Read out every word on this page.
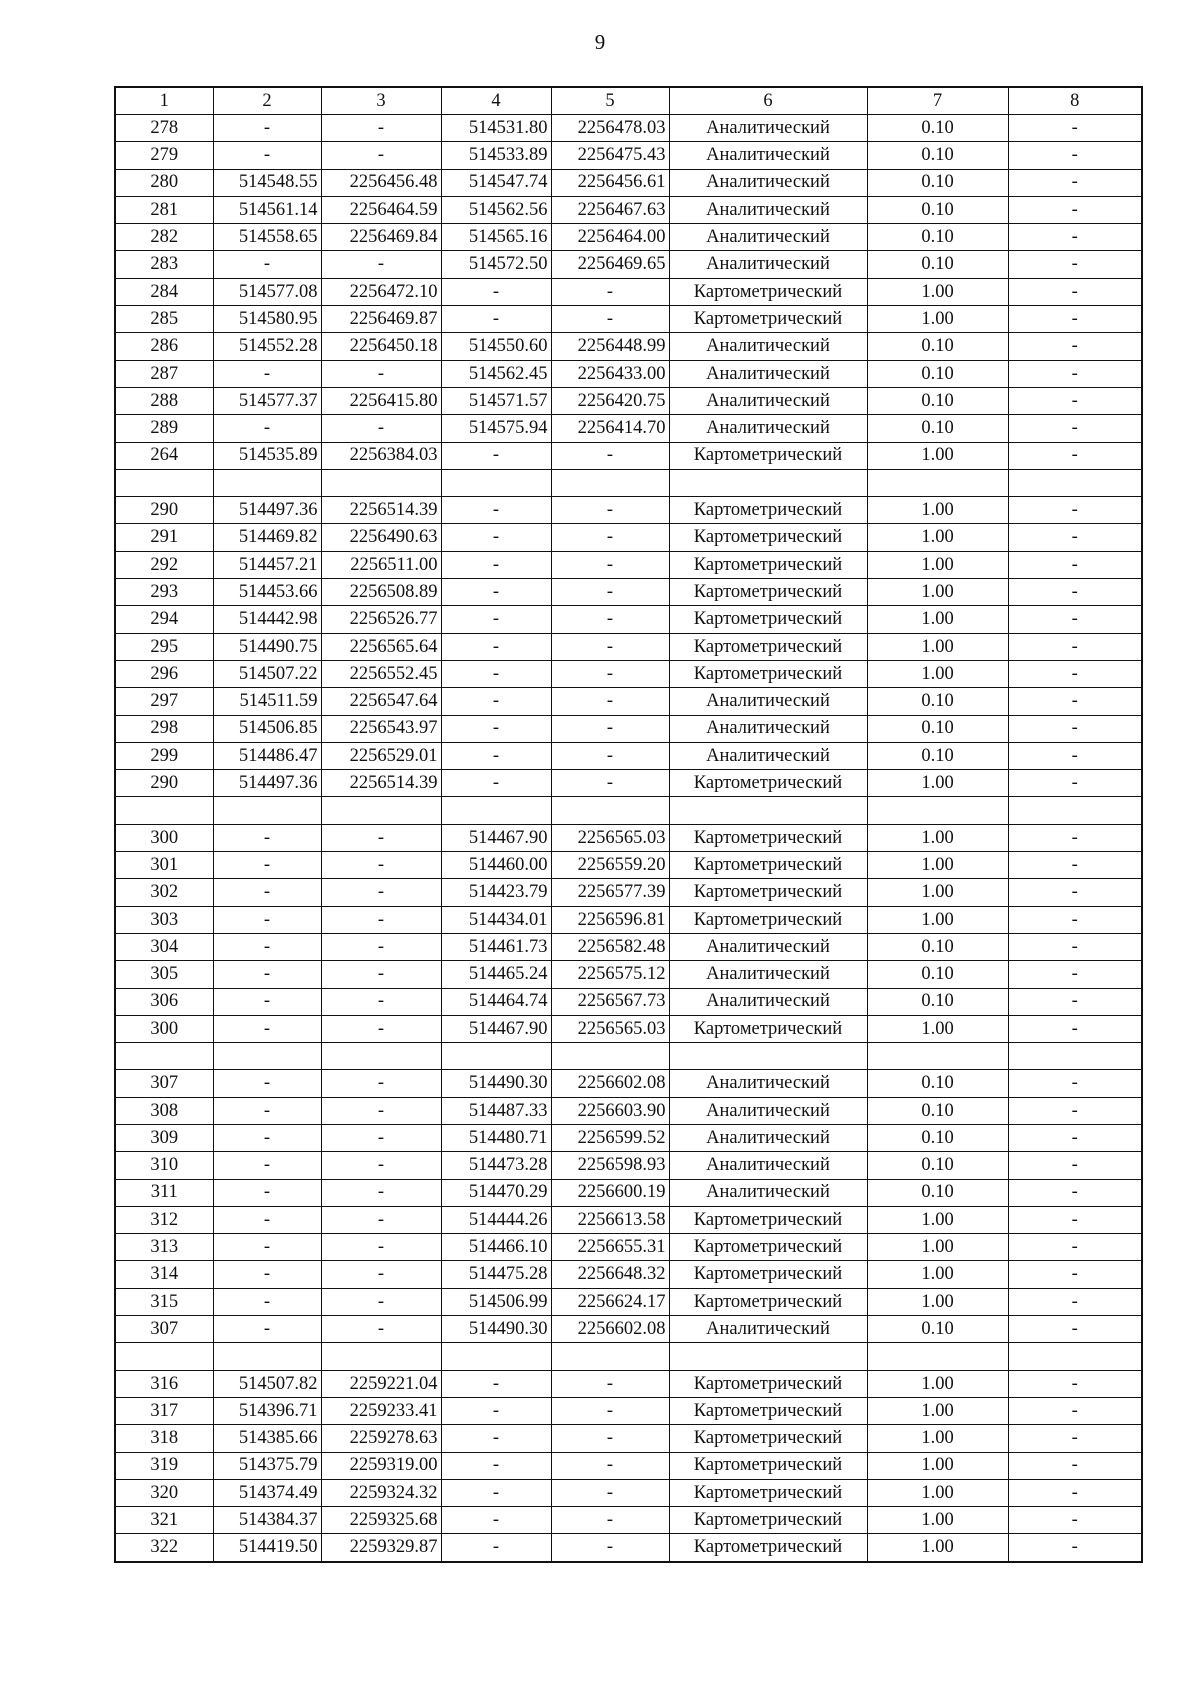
9
1	2	3	4	5	6	7	8
278	-	-	514531.80	2256478.03	Аналитический	0.10	-
279	-	-	514533.89	2256475.43	Аналитический	0.10	-
280	514548.55	2256456.48	514547.74	2256456.61	Аналитический	0.10	-
281	514561.14	2256464.59	514562.56	2256467.63	Аналитический	0.10	-
282	514558.65	2256469.84	514565.16	2256464.00	Аналитический	0.10	-
283	-	-	514572.50	2256469.65	Аналитический	0.10	-
284	514577.08	2256472.10	-	-	Картометрический	1.00	-
285	514580.95	2256469.87	-	-	Картометрический	1.00	-
286	514552.28	2256450.18	514550.60	2256448.99	Аналитический	0.10	-
287	-	-	514562.45	2256433.00	Аналитический	0.10	-
288	514577.37	2256415.80	514571.57	2256420.75	Аналитический	0.10	-
289	-	-	514575.94	2256414.70	Аналитический	0.10	-
264	514535.89	2256384.03	-	-	Картометрический	1.00	-

290	514497.36	2256514.39	-	-	Картометрический	1.00	-
291	514469.82	2256490.63	-	-	Картометрический	1.00	-
292	514457.21	2256511.00	-	-	Картометрический	1.00	-
293	514453.66	2256508.89	-	-	Картометрический	1.00	-
294	514442.98	2256526.77	-	-	Картометрический	1.00	-
295	514490.75	2256565.64	-	-	Картометрический	1.00	-
296	514507.22	2256552.45	-	-	Картометрический	1.00	-
297	514511.59	2256547.64	-	-	Аналитический	0.10	-
298	514506.85	2256543.97	-	-	Аналитический	0.10	-
299	514486.47	2256529.01	-	-	Аналитический	0.10	-
290	514497.36	2256514.39	-	-	Картометрический	1.00	-

300	-	-	514467.90	2256565.03	Картометрический	1.00	-
301	-	-	514460.00	2256559.20	Картометрический	1.00	-
302	-	-	514423.79	2256577.39	Картометрический	1.00	-
303	-	-	514434.01	2256596.81	Картометрический	1.00	-
304	-	-	514461.73	2256582.48	Аналитический	0.10	-
305	-	-	514465.24	2256575.12	Аналитический	0.10	-
306	-	-	514464.74	2256567.73	Аналитический	0.10	-
300	-	-	514467.90	2256565.03	Картометрический	1.00	-

307	-	-	514490.30	2256602.08	Аналитический	0.10	-
308	-	-	514487.33	2256603.90	Аналитический	0.10	-
309	-	-	514480.71	2256599.52	Аналитический	0.10	-
310	-	-	514473.28	2256598.93	Аналитический	0.10	-
311	-	-	514470.29	2256600.19	Аналитический	0.10	-
312	-	-	514444.26	2256613.58	Картометрический	1.00	-
313	-	-	514466.10	2256655.31	Картометрический	1.00	-
314	-	-	514475.28	2256648.32	Картометрический	1.00	-
315	-	-	514506.99	2256624.17	Картометрический	1.00	-
307	-	-	514490.30	2256602.08	Аналитический	0.10	-

316	514507.82	2259221.04	-	-	Картометрический	1.00	-
317	514396.71	2259233.41	-	-	Картометрический	1.00	-
318	514385.66	2259278.63	-	-	Картометрический	1.00	-
319	514375.79	2259319.00	-	-	Картометрический	1.00	-
320	514374.49	2259324.32	-	-	Картометрический	1.00	-
321	514384.37	2259325.68	-	-	Картометрический	1.00	-
322	514419.50	2259329.87	-	-	Картометрический	1.00	-
